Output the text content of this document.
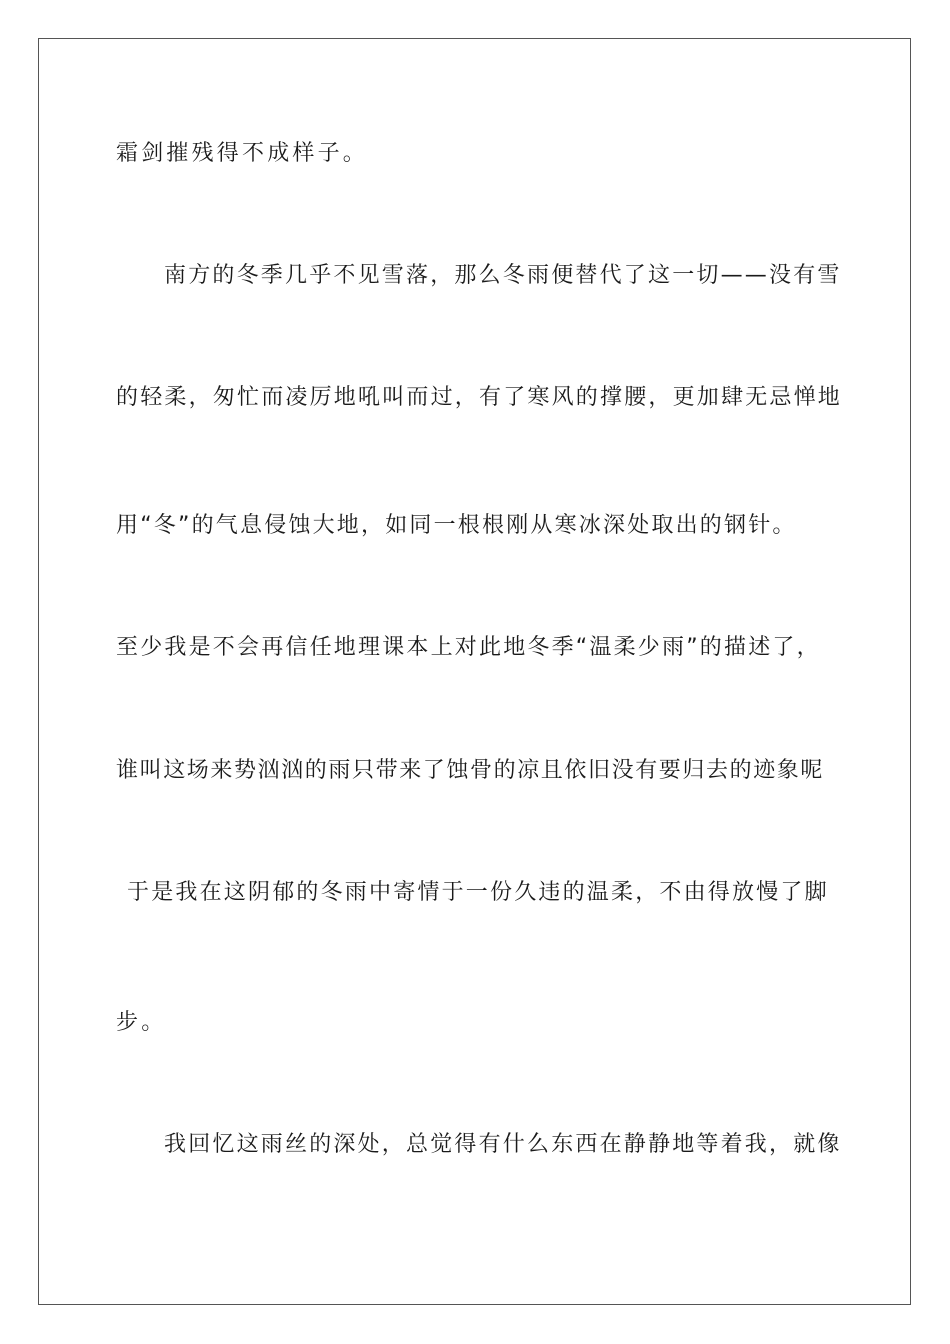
霜剑摧残得不成样子。
南方的冬季几乎不见雪落，那么冬雨便替代了这一切——没有雪
的轻柔，匆忙而凌厉地吼叫而过，有了寒风的撑腰，更加肆无忌惮地
用“冬”的气息侵蚀大地，如同一根根刚从寒冰深处取出的钢针。
至少我是不会再信任地理课本上对此地冬季“温柔少雨”的描述了，
谁叫这场来势汹汹的雨只带来了蚀骨的凉且依旧没有要归去的迹象呢
于是我在这阴郁的冬雨中寄情于一份久违的温柔，不由得放慢了脚
步。
我回忆这雨丝的深处，总觉得有什么东西在静静地等着我，就像
